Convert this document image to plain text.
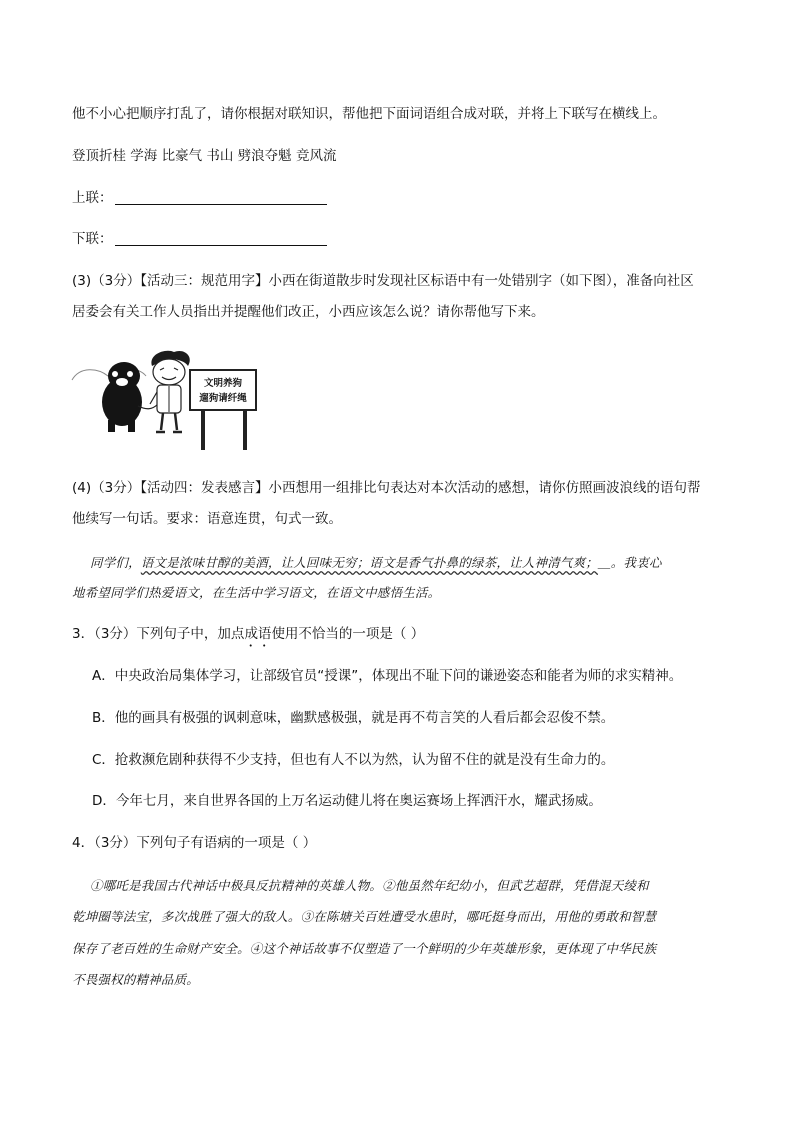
他不小心把顺序打乱了，请你根据对联知识，帮他把下面词语组合成对联，并将上下联写在横线上。
登顶折桂 学海 比豪气 书山 劈浪夺魁 竞风流
上联：
下联：
(3)（3分）【活动三：规范用字】小西在街道散步时发现社区标语中有一处错别字（如下图），准备向社区
居委会有关工作人员指出并提醒他们改正，小西应该怎么说？请你帮他写下来。
文明养狗
遛狗请纤绳
(4)（3分）【活动四：发表感言】小西想用一组排比句表达对本次活动的感想，请你仿照画波浪线的语句帮
他续写一句话。要求：语意连贯，句式一致。
同学们，语文是浓味甘醇的美酒，让人回味无穷；语文是香气扑鼻的绿茶，让人神清气爽；＿。我衷心
地希望同学们热爱语文，在生活中学习语文，在语文中感悟生活。
3．（3分）下列句子中，加点成语使用不恰当的一项是（ ）
A．中央政治局集体学习，让部级官员“授课”，体现出不耻下问的谦逊姿态和能者为师的求实精神。
B．他的画具有极强的讽刺意味，幽默感极强，就是再不苟言笑的人看后都会忍俊不禁。
C．抢救濒危剧种获得不少支持，但也有人不以为然，认为留不住的就是没有生命力的。
D．今年七月，来自世界各国的上万名运动健儿将在奥运赛场上挥洒汗水，耀武扬威。
4．（3分）下列句子有语病的一项是（ ）
①哪吒是我国古代神话中极具反抗精神的英雄人物。②他虽然年纪幼小，但武艺超群，凭借混天绫和
乾坤圈等法宝，多次战胜了强大的敌人。③在陈塘关百姓遭受水患时，哪吒挺身而出，用他的勇敢和智慧
保存了老百姓的生命财产安全。④这个神话故事不仅塑造了一个鲜明的少年英雄形象，更体现了中华民族
不畏强权的精神品质。
